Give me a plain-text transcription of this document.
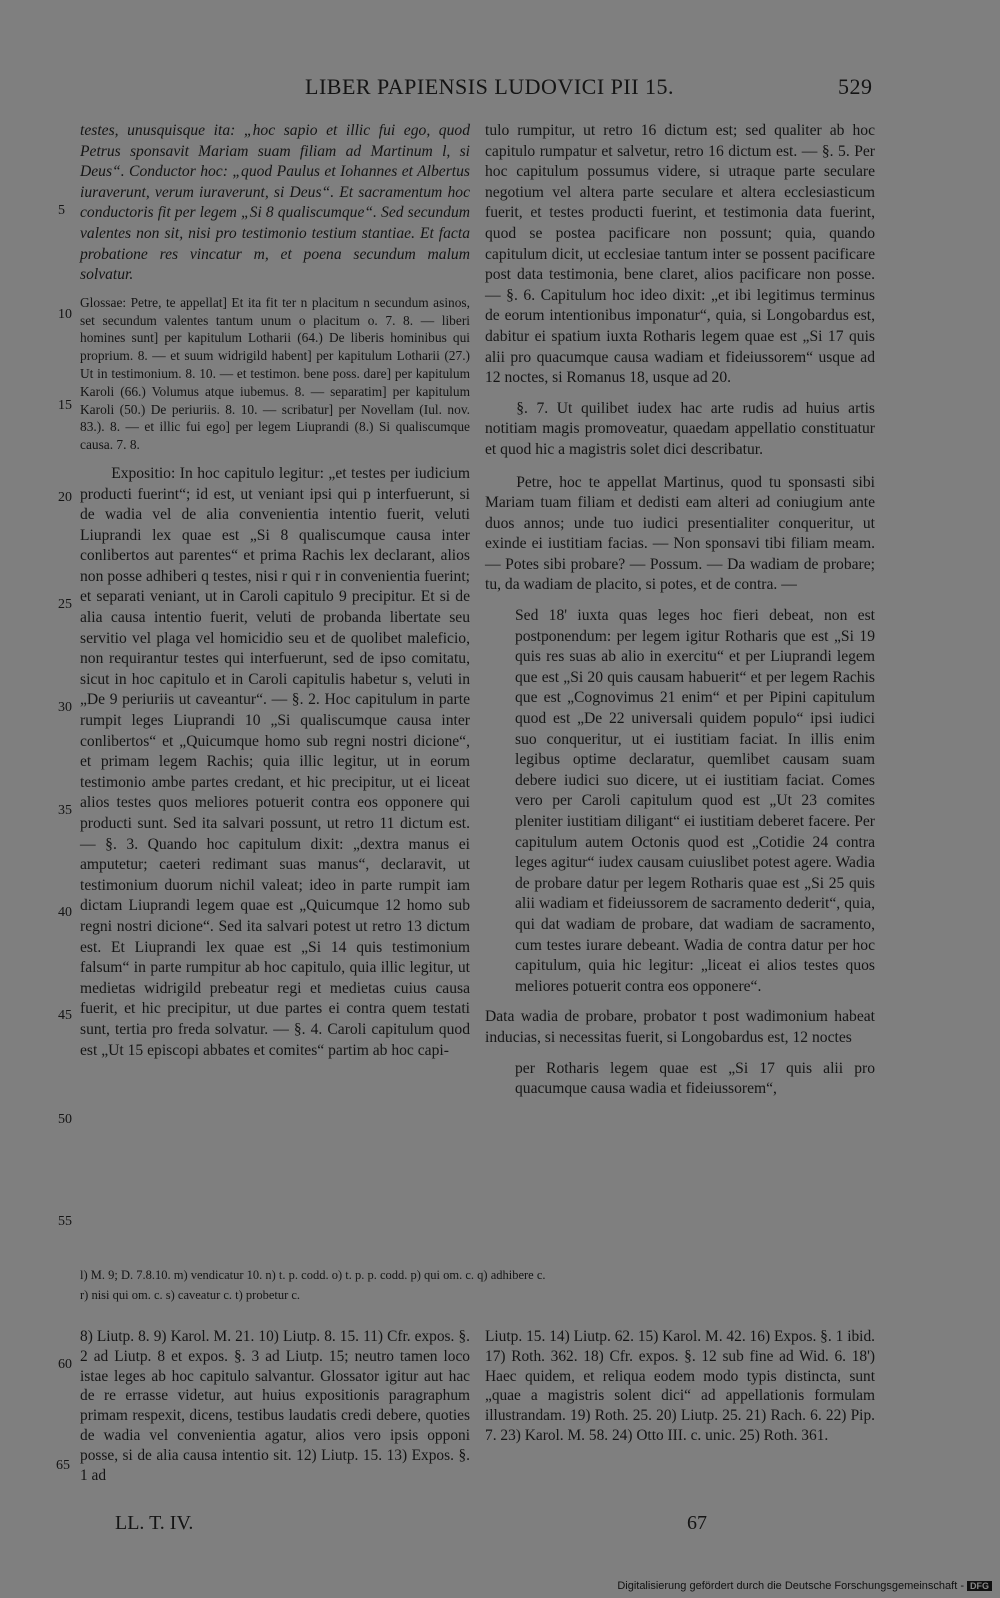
LIBER PAPIENSIS LUDOVICI PII 15.	529

testes, unusquisque ita: „hoc sapio et illic fui ego, quod Petrus sponsavit Mariam suam filiam ad Martinum l, si Deus“. Conductor hoc: „quod Paulus et Iohannes et Albertus iuraverunt, verum iuraverunt, si Deus“. Et sacramentum hoc conductoris fit per legem „Si 8 qualiscumque“. Sed secundum valentes non sit, nisi pro testimonio testium stantiae. Et facta probatione res vincatur m, et poena secundum malum solvatur.

Glossae: Petre, te appellat] Et ita fit ter n placitum n secundum asinos, set secundum valentes tantum unum o placitum o. 7. 8. — liberi homines sunt] per kapitulum Lotharii (64.) De liberis hominibus qui proprium. 8. — et suum widrigild habent] per kapitulum Lotharii (27.) Ut in testimonium. 8. 10. — et testimon. bene poss. dare] per kapitulum Karoli (66.) Volumus atque iubemus. 8. — separatim] per kapitulum Karoli (50.) De periuriis. 8. 10. — scribatur] per Novellam (Iul. nov. 83.). 8. — et illic fui ego] per legem Liuprandi (8.) Si qualiscumque causa. 7. 8.

Expositio: In hoc capitulo legitur: „et testes per iudicium producti fuerint“; id est, ut veniant ipsi qui p interfuerunt, si de wadia vel de alia convenientia intentio fuerit, veluti Liuprandi lex quae est „Si 8 qualiscumque causa inter conlibertos aut parentes“ et prima Rachis lex declarant, alios non posse adhiberi q testes, nisi r qui r in convenientia fuerint; et separati veniant, ut in Caroli capitulo 9 precipitur. Et si de alia causa intentio fuerit, veluti de probanda libertate seu servitio vel plaga vel homicidio seu et de quolibet maleficio, non requirantur testes qui interfuerunt, sed de ipso comitatu, sicut in hoc capitulo et in Caroli capitulis habetur s, veluti in „De 9 periuriis ut caveantur“. — §. 2. Hoc capitulum in parte rumpit leges Liuprandi 10 „Si qualiscumque causa inter conlibertos“ et „Quicumque homo sub regni nostri dicione“, et primam legem Rachis; quia illic legitur, ut in eorum testimonio ambe partes credant, et hic precipitur, ut ei liceat alios testes quos meliores potuerit contra eos opponere qui producti sunt. Sed ita salvari possunt, ut retro 11 dictum est. — §. 3. Quando hoc capitulum dixit: „dextra manus ei amputetur; caeteri redimant suas manus“, declaravit, ut testimonium duorum nichil valeat; ideo in parte rumpit iam dictam Liuprandi legem quae est „Quicumque 12 homo sub regni nostri dicione“. Sed ita salvari potest ut retro 13 dictum est. Et Liuprandi lex quae est „Si 14 quis testimonium falsum“ in parte rumpitur ab hoc capitulo, quia illic legitur, ut medietas widrigild prebeatur regi et medietas cuius causa fuerit, et hic precipitur, ut due partes ei contra quem testati sunt, tertia pro freda solvatur. — §. 4. Caroli capitulum quod est „Ut 15 episcopi abbates et comites“ partim ab hoc capi-

tulo rumpitur, ut retro 16 dictum est; sed qualiter ab hoc capitulo rumpatur et salvetur, retro 16 dictum est. — §. 5. Per hoc capitulum possumus videre, si utraque parte seculare negotium vel altera parte seculare et altera ecclesiasticum fuerit, et testes producti fuerint, et testimonia data fuerint, quod se postea pacificare non possunt; quia, quando capitulum dicit, ut ecclesiae tantum inter se possent pacificare post data testimonia, bene claret, alios pacificare non posse. — §. 6. Capitulum hoc ideo dixit: „et ibi legitimus terminus de eorum intentionibus imponatur“, quia, si Longobardus est, dabitur ei spatium iuxta Rotharis legem quae est „Si 17 quis alii pro quacumque causa wadiam et fideiussorem“ usque ad 12 noctes, si Romanus 18, usque ad 20.

§. 7. Ut quilibet iudex hac arte rudis ad huius artis notitiam magis promoveatur, quaedam appellatio constituatur et quod hic a magistris solet dici describatur.

Petre, hoc te appellat Martinus, quod tu sponsasti sibi Mariam tuam filiam et dedisti eam alteri ad coniugium ante duos annos; unde tuo iudici presentialiter conqueritur, ut exinde ei iustitiam facias. — Non sponsavi tibi filiam meam. — Potes sibi probare? — Possum. — Da wadiam de probare; tu, da wadiam de placito, si potes, et de contra. —

Sed 18' iuxta quas leges hoc fieri debeat, non est postponendum: per legem igitur Rotharis que est „Si 19 quis res suas ab alio in exercitu“ et per Liuprandi legem que est „Si 20 quis causam habuerit“ et per legem Rachis que est „Cognovimus 21 enim“ et per Pipini capitulum quod est „De 22 universali quidem populo“ ipsi iudici suo conqueritur, ut ei iustitiam faciat. In illis enim legibus optime declaratur, quemlibet causam suam debere iudici suo dicere, ut ei iustitiam faciat. Comes vero per Caroli capitulum quod est „Ut 23 comites pleniter iustitiam diligant“ ei iustitiam deberet facere. Per capitulum autem Octonis quod est „Cotidie 24 contra leges agitur“ iudex causam cuiuslibet potest agere. Wadia de probare datur per legem Rotharis quae est „Si 25 quis alii wadiam et fideiussorem de sacramento dederit“, quia, qui dat wadiam de probare, dat wadiam de sacramento, cum testes iurare debeant. Wadia de contra datur per hoc capitulum, quia hic legitur: „liceat ei alios testes quos meliores potuerit contra eos opponere“.

Data wadia de probare, probator t post wadimonium habeat inducias, si necessitas fuerit, si Longobardus est, 12 noctes

per Rotharis legem quae est „Si 17 quis alii pro quacumque causa wadia et fideiussorem“,

5
10
15
20
25
30
35
40
45
50
55
60
65
l) M. 9; D. 7.8.10. m) vendicatur 10. n) t. p. codd. o) t. p. p. codd. p) qui om. c. q) adhibere c.
r) nisi qui om. c. s) caveatur c. t) probetur c.
8) Liutp. 8. 9) Karol. M. 21. 10) Liutp. 8. 15. 11) Cfr. expos. §. 2 ad Liutp. 8 et expos. §. 3 ad Liutp. 15; neutro tamen loco istae leges ab hoc capitulo salvantur. Glossator igitur aut hac de re errasse videtur, aut huius expositionis paragraphum primam respexit, dicens, testibus laudatis credi debere, quoties de wadia vel convenientia agatur, alios vero ipsis opponi posse, si de alia causa intentio sit. 12) Liutp. 15. 13) Expos. §. 1 ad
Liutp. 15. 14) Liutp. 62. 15) Karol. M. 42. 16) Expos. §. 1 ibid. 17) Roth. 362. 18) Cfr. expos. §. 12 sub fine ad Wid. 6. 18') Haec quidem, et reliqua eodem modo typis distincta, sunt „quae a magistris solent dici“ ad appellationis formulam illustrandam. 19) Roth. 25. 20) Liutp. 25. 21) Rach. 6. 22) Pip. 7. 23) Karol. M. 58. 24) Otto III. c. unic. 25) Roth. 361.
LL. T. IV.	67
Digitalisierung gefördert durch die Deutsche Forschungsgemeinschaft - DFG
